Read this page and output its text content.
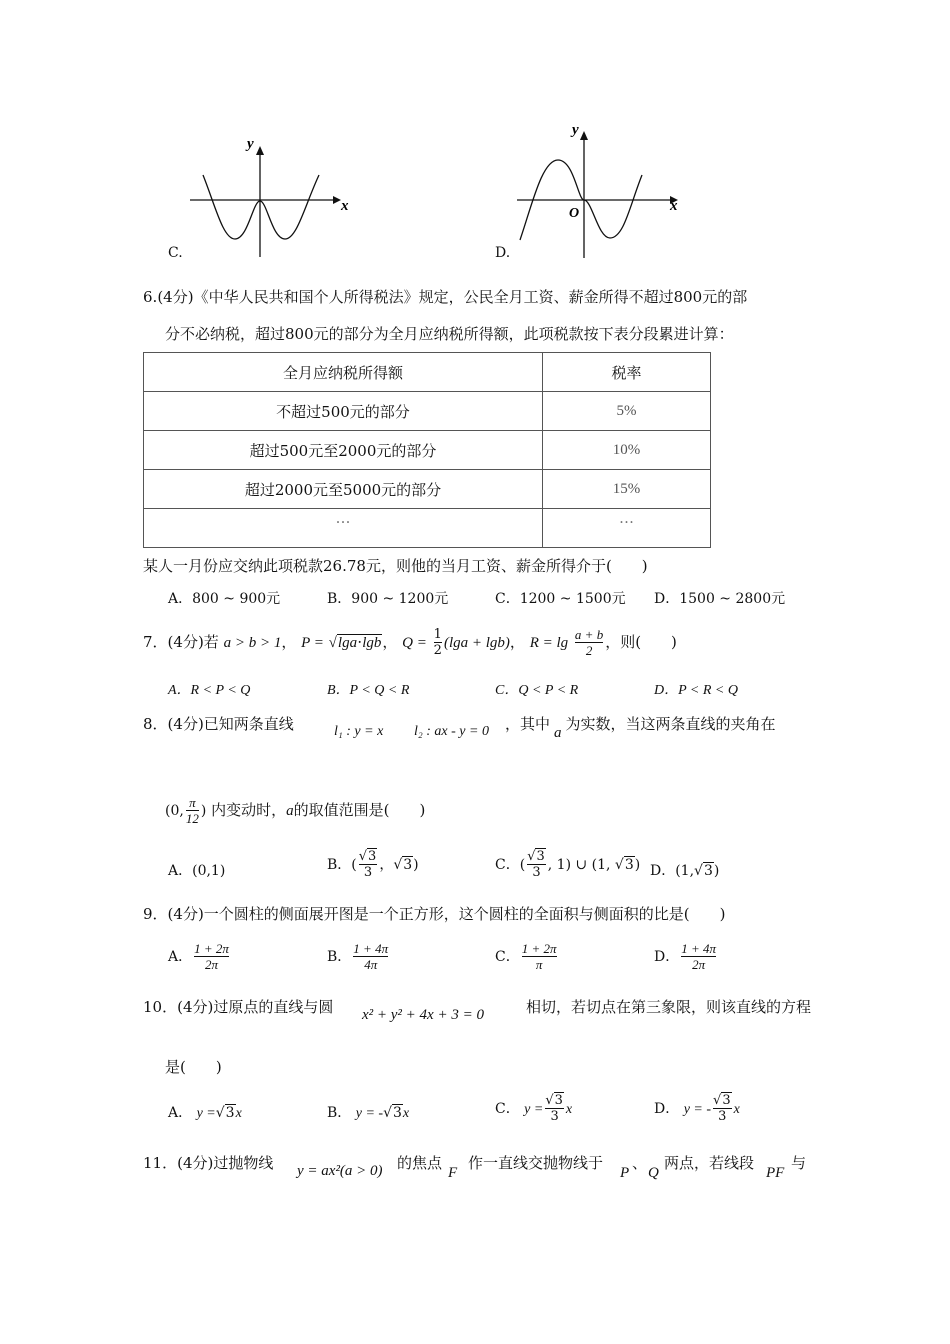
y
x
C.
y
x
O
D.
6.(4分)《中华人民共和国个人所得税法》规定，公民全月工资、薪金所得不超过800元的部
分不必纳税，超过800元的部分为全月应纳税所得额，此项税款按下表分段累进计算：
全月应纳税所得额	税率
不超过500元的部分	5%
超过500元至2000元的部分	10%
超过2000元至5000元的部分	15%
…	…
某人一月份应交纳此项税款26.78元，则他的当月工资、薪金所得介于(　　)
A．800 ~ 900元	B．900 ~ 1200元	C．1200 ~ 1500元 D．1500 ~ 2800元
7．(4分)若 a > b > 1， P = √lga⋅lgb， $Q = \frac{1}{2} (\lg a + \lg b)$， $R = \lg \frac{a + b}{2}$ ，则(　　)
A．R < P < Q	B．P < Q < R	C．Q < P < R	D．P < R < Q
8．(4分)已知两条直线	l₁ : y = x l₂ : ax - y = 0 ，其中 a 为实数，当这两条直线的夹角在
(0, $\frac{\pi}{12}$ ) 内变动时，a的取值范围是(　　)
A．(0,1)	B．( $\frac{√3}{3}$ ，√3)	C．( $\frac{√3}{3}$ , 1) ∪ (1, √3) D．(1,√3)
9．(4分)一个圆柱的侧面展开图是一个正方形，这个圆柱的全面积与侧面积的比是(　　)
A． $\frac{1 + 2\pi}{2\pi}$	B． $\frac{1 + 4\pi}{4\pi}$	C． $\frac{1 + 2\pi}{\pi}$	D． $\frac{1 + 4\pi}{2\pi}$
10．(4分)过原点的直线与圆 x² + y² + 4x + 3 = 0	相切，若切点在第三象限，则该直线的方程
是(　　)
A． y =√3x	B． y = -√3x	C． $y = \frac{√3}{3}$ x	D． y = - $\frac{√3}{3}$ x
11．(4分)过抛物线 y = ax²(a > 0) 的焦点
F
作一直线交抛物线于
P
、
Q
两点，若线段
PF
与
